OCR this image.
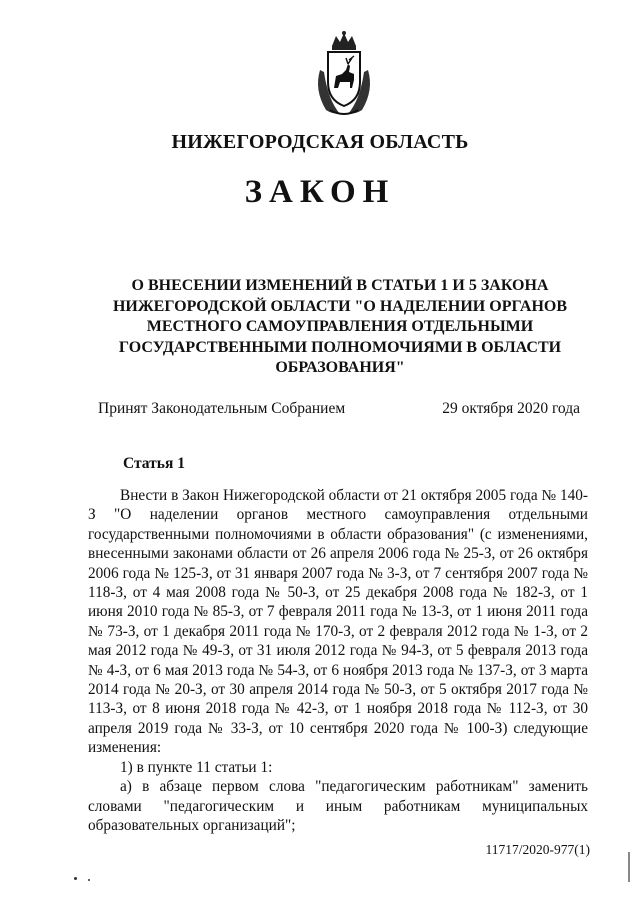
НИЖЕГОРОДСКАЯ ОБЛАСТЬ
ЗАКОН
О ВНЕСЕНИИ ИЗМЕНЕНИЙ В СТАТЬИ 1 И 5 ЗАКОНА
НИЖЕГОРОДСКОЙ ОБЛАСТИ "О НАДЕЛЕНИИ ОРГАНОВ
МЕСТНОГО САМОУПРАВЛЕНИЯ ОТДЕЛЬНЫМИ
ГОСУДАРСТВЕННЫМИ ПОЛНОМОЧИЯМИ В ОБЛАСТИ
ОБРАЗОВАНИЯ"
Принят Законодательным Собранием	29 октября 2020 года
Статья 1

Внести в Закон Нижегородской области от 21 октября 2005 года № 140-З "О наделении органов местного самоуправления отдельными государственными полномочиями в области образования" (с изменениями, внесенными законами области от 26 апреля 2006 года № 25-З, от 26 октября 2006 года № 125-З, от 31 января 2007 года № 3-З, от 7 сентября 2007 года № 118-З, от 4 мая 2008 года № 50-З, от 25 декабря 2008 года № 182-З, от 1 июня 2010 года № 85-З, от 7 февраля 2011 года № 13-З, от 1 июня 2011 года № 73-З, от 1 декабря 2011 года № 170-З, от 2 февраля 2012 года № 1-З, от 2 мая 2012 года № 49-З, от 31 июля 2012 года № 94-З, от 5 февраля 2013 года № 4-З, от 6 мая 2013 года № 54-З, от 6 ноября 2013 года № 137-З, от 3 марта 2014 года № 20-З, от 30 апреля 2014 года № 50-З, от 5 октября 2017 года № 113-З, от 8 июня 2018 года № 42-З, от 1 ноября 2018 года № 112-З, от 30 апреля 2019 года № 33-З, от 10 сентября 2020 года № 100-З) следующие изменения:

1) в пункте 11 статьи 1:

а) в абзаце первом слова "педагогическим работникам" заменить словами "педагогическим и иным работникам муниципальных образовательных организаций";

11717/2020-977(1)
